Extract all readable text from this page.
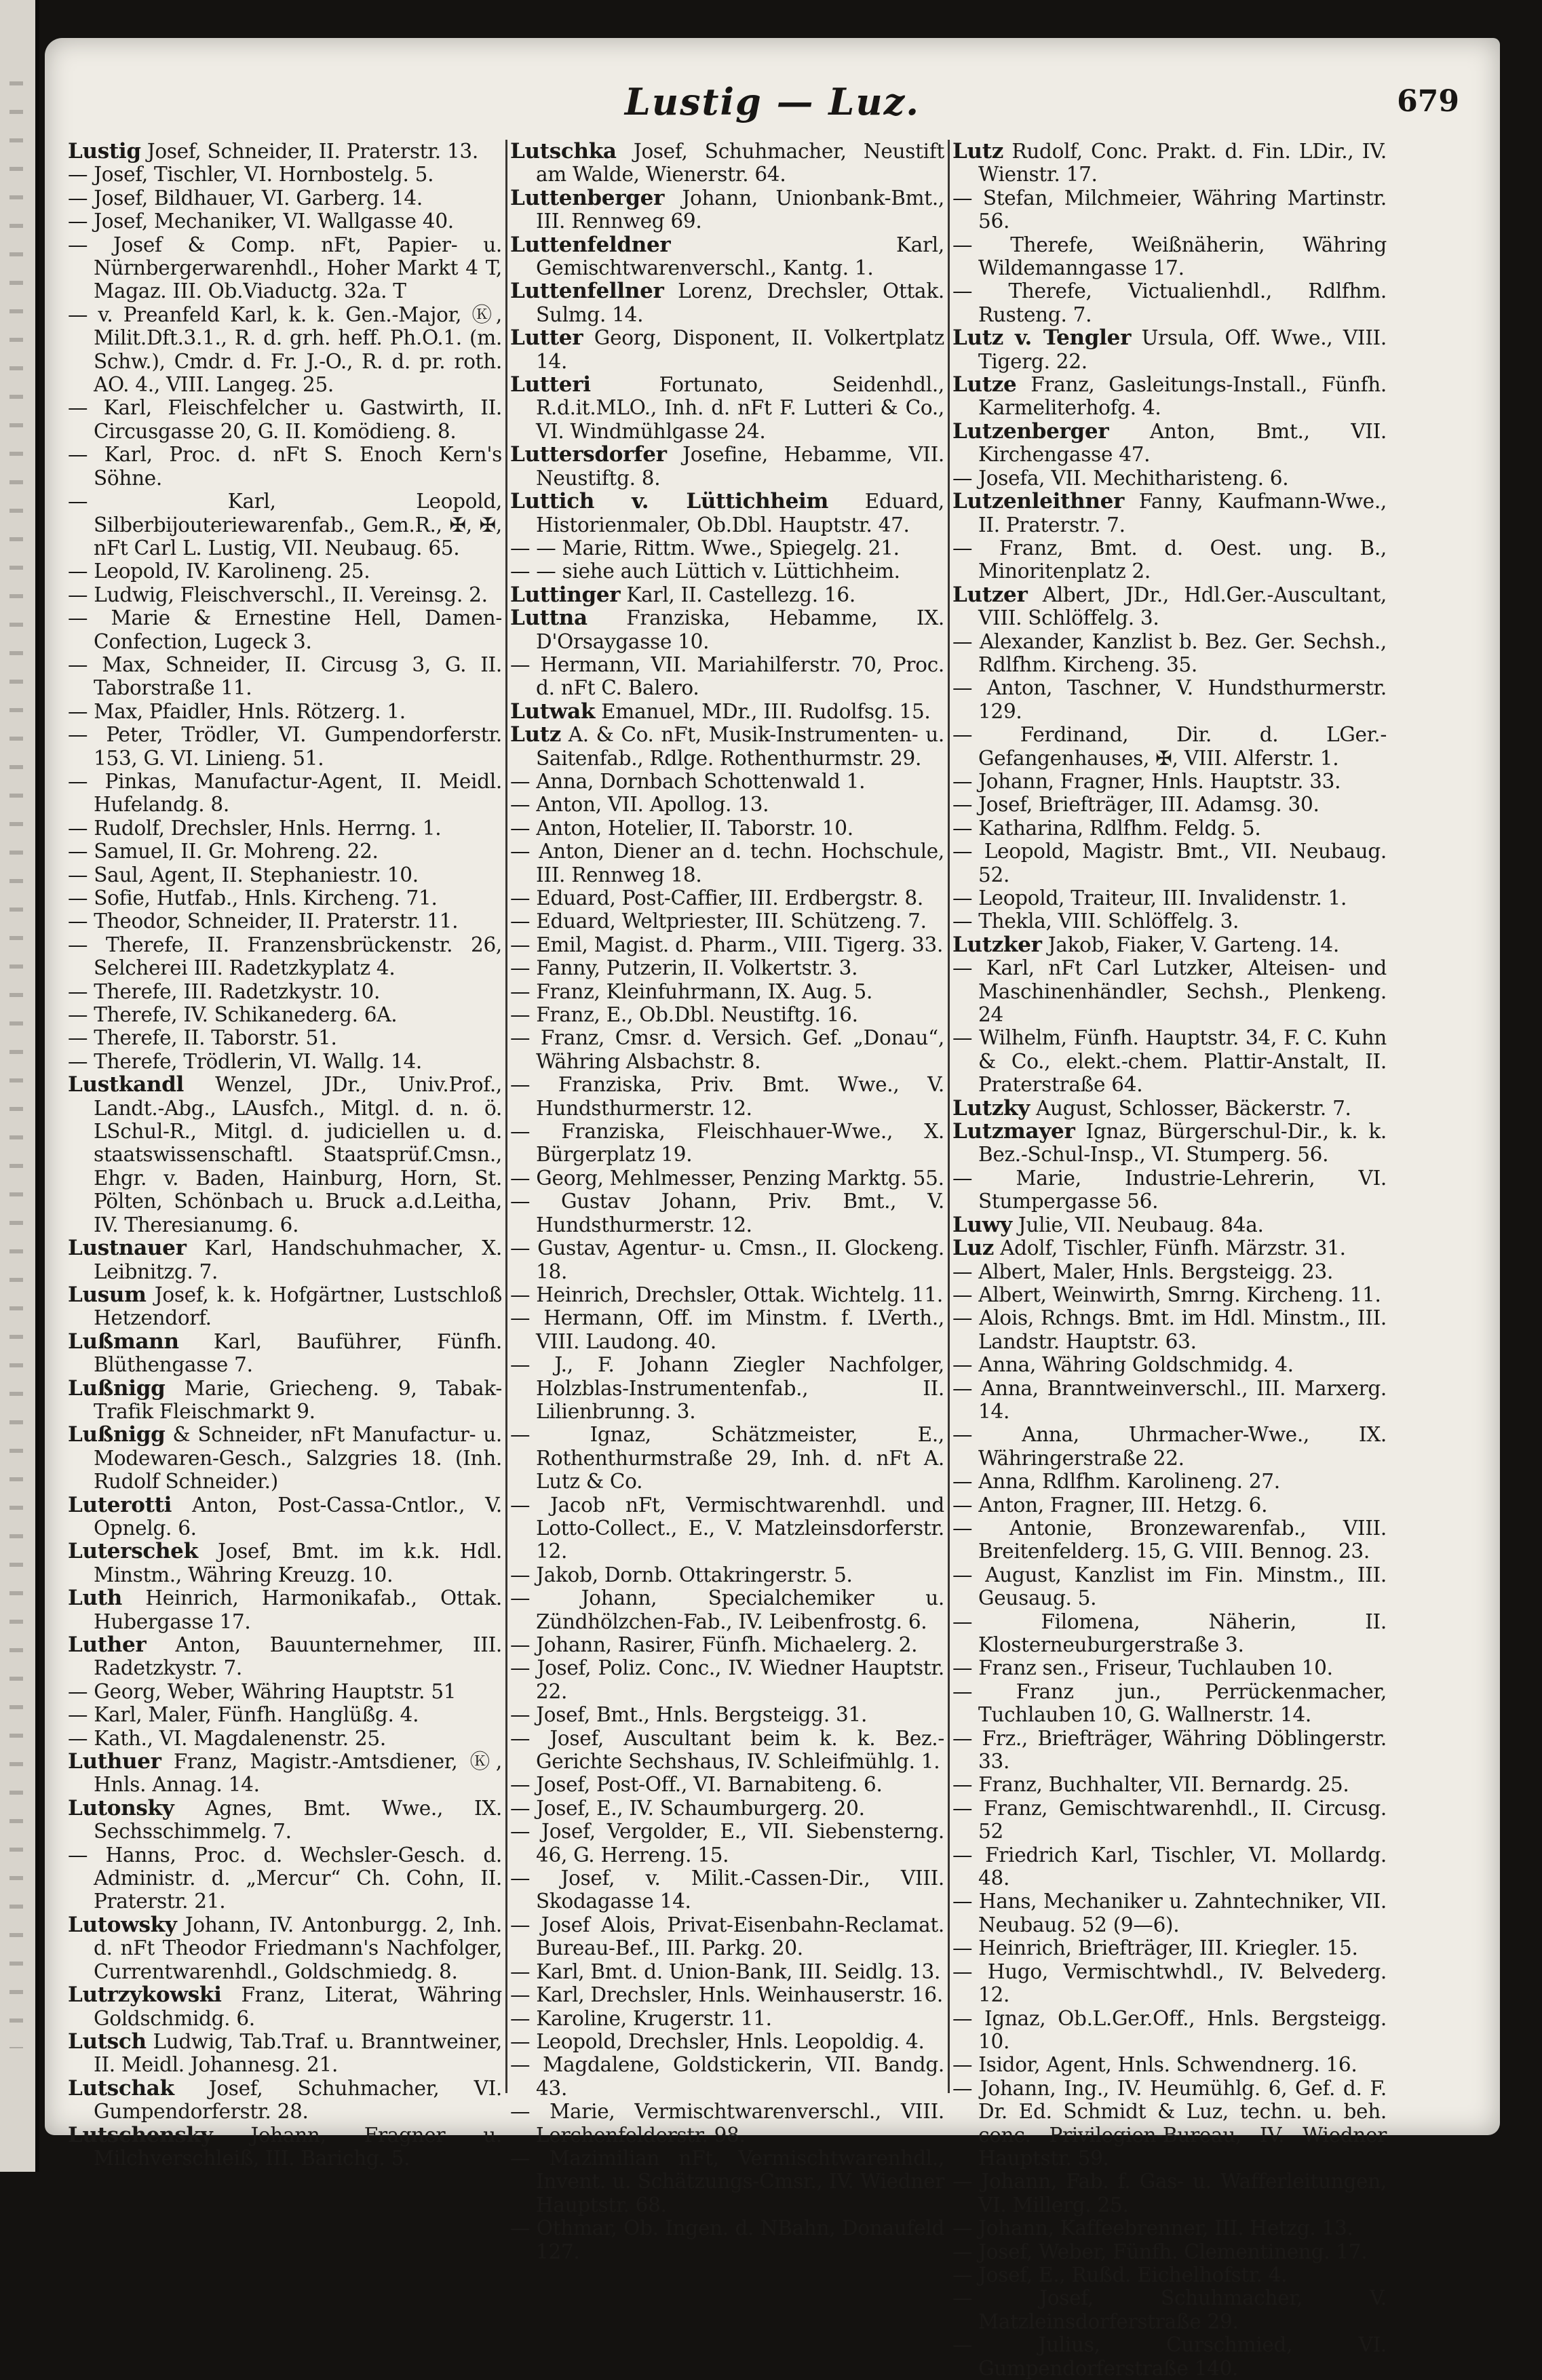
Lustig — Luz.	679

Lustig Josef, Schneider, II. Praterstr. 13.

— Josef, Tischler, VI. Hornbostelg. 5.

— Josef, Bildhauer, VI. Garberg. 14.

— Josef, Mechaniker, VI. Wallgasse 40.

— Josef & Comp. nFt, Papier- u. Nürnbergerwarenhdl., Hoher Markt 4 T, Magaz. III. Ob.Viaductg. 32a. T

— v. Preanfeld Karl, k. k. Gen.-Major, Ⓚ, Milit.Dft.3.1., R. d. grh. heff. Ph.O.1. (m. Schw.), Cmdr. d. Fr. J.-O., R. d. pr. roth. AO. 4., VIII. Langeg. 25.

— Karl, Fleischfelcher u. Gastwirth, II. Circusgasse 20, G. II. Komödieng. 8.

— Karl, Proc. d. nFt S. Enoch Kern's Söhne.

— Karl, Leopold, Silberbijouteriewarenfab., Gem.R., ✠, ✠, nFt Carl L. Lustig, VII. Neubaug. 65.

— Leopold, IV. Karolineng. 25.

— Ludwig, Fleischverschl., II. Vereinsg. 2.

— Marie & Ernestine Hell, Damen-Confection, Lugeck 3.

— Max, Schneider, II. Circusg 3, G. II. Taborstraße 11.

— Max, Pfaidler, Hnls. Rötzerg. 1.

— Peter, Trödler, VI. Gumpendorferstr. 153, G. VI. Linieng. 51.

— Pinkas, Manufactur-Agent, II. Meidl. Hufelandg. 8.

— Rudolf, Drechsler, Hnls. Herrng. 1.

— Samuel, II. Gr. Mohreng. 22.

— Saul, Agent, II. Stephaniestr. 10.

— Sofie, Hutfab., Hnls. Kircheng. 71.

— Theodor, Schneider, II. Praterstr. 11.

— Therefe, II. Franzensbrückenstr. 26, Selcherei III. Radetzkyplatz 4.

— Therefe, III. Radetzkystr. 10.

— Therefe, IV. Schikanederg. 6A.

— Therefe, II. Taborstr. 51.

— Therefe, Trödlerin, VI. Wallg. 14.

Lustkandl Wenzel, JDr., Univ.Prof., Landt.-Abg., LAusfch., Mitgl. d. n. ö. LSchul-R., Mitgl. d. judiciellen u. d. staatswissenschaftl. Staatsprüf.Cmsn., Ehgr. v. Baden, Hainburg, Horn, St. Pölten, Schönbach u. Bruck a.d.Leitha, IV. Theresianumg. 6.

Lustnauer Karl, Handschuhmacher, X. Leibnitzg. 7.

Lusum Josef, k. k. Hofgärtner, Lustschloß Hetzendorf.

Lußmann Karl, Bauführer, Fünfh. Blüthengasse 7.

Lußnigg Marie, Griecheng. 9, Tabak-Trafik Fleischmarkt 9.

Lußnigg & Schneider, nFt Manufactur- u. Modewaren-Gesch., Salzgries 18. (Inh. Rudolf Schneider.)

Luterotti Anton, Post-Cassa-Cntlor., V. Opnelg. 6.

Luterschek Josef, Bmt. im k.k. Hdl. Minstm., Währing Kreuzg. 10.

Luth Heinrich, Harmonikafab., Ottak. Hubergasse 17.

Luther Anton, Bauunternehmer, III. Radetzkystr. 7.

— Georg, Weber, Währing Hauptstr. 51

— Karl, Maler, Fünfh. Hanglüßg. 4.

— Kath., VI. Magdalenenstr. 25.

Luthuer Franz, Magistr.-Amtsdiener, Ⓚ, Hnls. Annag. 14.

Lutonsky Agnes, Bmt. Wwe., IX. Sechsschimmelg. 7.

— Hanns, Proc. d. Wechsler-Gesch. d. Administr. d. „Mercur“ Ch. Cohn, II. Praterstr. 21.

Lutowsky Johann, IV. Antonburgg. 2, Inh. d. nFt Theodor Friedmann's Nachfolger, Currentwarenhdl., Goldschmiedg. 8.

Lutrzykowski Franz, Literat, Währing Goldschmidg. 6.

Lutsch Ludwig, Tab.Traf. u. Branntweiner, II. Meidl. Johannesg. 21.

Lutschak Josef, Schuhmacher, VI. Gumpendorferstr. 28.

Lutschensky Johann, Fragner u. Milchverschleiß, III. Barichg. 5.

Lutschka Josef, Schuhmacher, Neustift am Walde, Wienerstr. 64.

Luttenberger Johann, Unionbank-Bmt., III. Rennweg 69.

Luttenfeldner Karl, Gemischtwarenverschl., Kantg. 1.

Luttenfellner Lorenz, Drechsler, Ottak. Sulmg. 14.

Lutter Georg, Disponent, II. Volkertplatz 14.

Lutteri Fortunato, Seidenhdl., R.d.it.MLO., Inh. d. nFt F. Lutteri & Co., VI. Windmühlgasse 24.

Luttersdorfer Josefine, Hebamme, VII. Neustiftg. 8.

Luttich v. Lüttichheim Eduard, Historienmaler, Ob.Dbl. Hauptstr. 47.

— — Marie, Rittm. Wwe., Spiegelg. 21.

— — siehe auch Lüttich v. Lüttichheim.

Luttinger Karl, II. Castellezg. 16.

Luttna Franziska, Hebamme, IX. D'Orsaygasse 10.

— Hermann, VII. Mariahilferstr. 70, Proc. d. nFt C. Balero.

Lutwak Emanuel, MDr., III. Rudolfsg. 15.

Lutz A. & Co. nFt, Musik-Instrumenten- u. Saitenfab., Rdlge. Rothenthurmstr. 29.

— Anna, Dornbach Schottenwald 1.

— Anton, VII. Apollog. 13.

— Anton, Hotelier, II. Taborstr. 10.

— Anton, Diener an d. techn. Hochschule, III. Rennweg 18.

— Eduard, Post-Caffier, III. Erdbergstr. 8.

— Eduard, Weltpriester, III. Schützeng. 7.

— Emil, Magist. d. Pharm., VIII. Tigerg. 33.

— Fanny, Putzerin, II. Volkertstr. 3.

— Franz, Kleinfuhrmann, IX. Aug. 5.

— Franz, E., Ob.Dbl. Neustiftg. 16.

— Franz, Cmsr. d. Versich. Gef. „Donau“, Währing Alsbachstr. 8.

— Franziska, Priv. Bmt. Wwe., V. Hundsthurmerstr. 12.

— Franziska, Fleischhauer-Wwe., X. Bürgerplatz 19.

— Georg, Mehlmesser, Penzing Marktg. 55.

— Gustav Johann, Priv. Bmt., V. Hundsthurmerstr. 12.

— Gustav, Agentur- u. Cmsn., II. Glockeng. 18.

— Heinrich, Drechsler, Ottak. Wichtelg. 11.

— Hermann, Off. im Minstm. f. LVerth., VIII. Laudong. 40.

— J., F. Johann Ziegler Nachfolger, Holzblas-Instrumentenfab., II. Lilienbrunng. 3.

— Ignaz, Schätzmeister, E., Rothenthurmstraße 29, Inh. d. nFt A. Lutz & Co.

— Jacob nFt, Vermischtwarenhdl. und Lotto-Collect., E., V. Matzleinsdorferstr. 12.

— Jakob, Dornb. Ottakringerstr. 5.

— Johann, Specialchemiker u. Zündhölzchen-Fab., IV. Leibenfrostg. 6.

— Johann, Rasirer, Fünfh. Michaelerg. 2.

— Josef, Poliz. Conc., IV. Wiedner Hauptstr. 22.

— Josef, Bmt., Hnls. Bergsteigg. 31.

— Josef, Auscultant beim k. k. Bez.-Gerichte Sechshaus, IV. Schleifmühlg. 1.

— Josef, Post-Off., VI. Barnabiteng. 6.

— Josef, E., IV. Schaumburgerg. 20.

— Josef, Vergolder, E., VII. Siebensterng. 46, G. Herreng. 15.

— Josef, v. Milit.-Cassen-Dir., VIII. Skodagasse 14.

— Josef Alois, Privat-Eisenbahn-Reclamat. Bureau-Bef., III. Parkg. 20.

— Karl, Bmt. d. Union-Bank, III. Seidlg. 13.

— Karl, Drechsler, Hnls. Weinhauserstr. 16.

— Karoline, Krugerstr. 11.

— Leopold, Drechsler, Hnls. Leopoldig. 4.

— Magdalene, Goldstickerin, VII. Bandg. 43.

— Marie, Vermischtwarenverschl., VIII. Lerchenfelderstr. 98.

— Mazimilian nFt, Vermischtwarenhdl., Invent. u. Schätzungs-Cmsr., IV. Wiedner Hauptstr. 68.

— Othmar, Ob. Ingen. d. NBahn, Donaufeld 127.

Lutz Rudolf, Conc. Prakt. d. Fin. LDir., IV. Wienstr. 17.

— Stefan, Milchmeier, Währing Martinstr. 56.

— Therefe, Weißnäherin, Währing Wildemanngasse 17.

— Therefe, Victualienhdl., Rdlfhm. Rusteng. 7.

Lutz v. Tengler Ursula, Off. Wwe., VIII. Tigerg. 22.

Lutze Franz, Gasleitungs-Install., Fünfh. Karmeliterhofg. 4.

Lutzenberger Anton, Bmt., VII. Kirchengasse 47.

— Josefa, VII. Mechitharisteng. 6.

Lutzenleithner Fanny, Kaufmann-Wwe., II. Praterstr. 7.

— Franz, Bmt. d. Oest. ung. B., Minoritenplatz 2.

Lutzer Albert, JDr., Hdl.Ger.-Auscultant, VIII. Schlöffelg. 3.

— Alexander, Kanzlist b. Bez. Ger. Sechsh., Rdlfhm. Kircheng. 35.

— Anton, Taschner, V. Hundsthurmerstr. 129.

— Ferdinand, Dir. d. LGer.-Gefangenhauses, ✠, VIII. Alferstr. 1.

— Johann, Fragner, Hnls. Hauptstr. 33.

— Josef, Briefträger, III. Adamsg. 30.

— Katharina, Rdlfhm. Feldg. 5.

— Leopold, Magistr. Bmt., VII. Neubaug. 52.

— Leopold, Traiteur, III. Invalidenstr. 1.

— Thekla, VIII. Schlöffelg. 3.

Lutzker Jakob, Fiaker, V. Garteng. 14.

— Karl, nFt Carl Lutzker, Alteisen- und Maschinenhändler, Sechsh., Plenkeng. 24

— Wilhelm, Fünfh. Hauptstr. 34, F. C. Kuhn & Co., elekt.-chem. Plattir-Anstalt, II. Praterstraße 64.

Lutzky August, Schlosser, Bäckerstr. 7.

Lutzmayer Ignaz, Bürgerschul-Dir., k. k. Bez.-Schul-Insp., VI. Stumperg. 56.

— Marie, Industrie-Lehrerin, VI. Stumpergasse 56.

Luwy Julie, VII. Neubaug. 84a.

Luz Adolf, Tischler, Fünfh. Märzstr. 31.

— Albert, Maler, Hnls. Bergsteigg. 23.

— Albert, Weinwirth, Smrng. Kircheng. 11.

— Alois, Rchngs. Bmt. im Hdl. Minstm., III. Landstr. Hauptstr. 63.

— Anna, Währing Goldschmidg. 4.

— Anna, Branntweinverschl., III. Marxerg. 14.

— Anna, Uhrmacher-Wwe., IX. Währingerstraße 22.

— Anna, Rdlfhm. Karolineng. 27.

— Anton, Fragner, III. Hetzg. 6.

— Antonie, Bronzewarenfab., VIII. Breitenfelderg. 15, G. VIII. Bennog. 23.

— August, Kanzlist im Fin. Minstm., III. Geusaug. 5.

— Filomena, Näherin, II. Klosterneuburgerstraße 3.

— Franz sen., Friseur, Tuchlauben 10.

— Franz jun., Perrückenmacher, Tuchlauben 10, G. Wallnerstr. 14.

— Frz., Briefträger, Währing Döblingerstr. 33.

— Franz, Buchhalter, VII. Bernardg. 25.

— Franz, Gemischtwarenhdl., II. Circusg. 52

— Friedrich Karl, Tischler, VI. Mollardg. 48.

— Hans, Mechaniker u. Zahntechniker, VII. Neubaug. 52 (9—6).

— Heinrich, Briefträger, III. Kriegler. 15.

— Hugo, Vermischtwhdl., IV. Belvederg. 12.

— Ignaz, Ob.L.Ger.Off., Hnls. Bergsteigg. 10.

— Isidor, Agent, Hnls. Schwendnerg. 16.

— Johann, Ing., IV. Heumühlg. 6, Gef. d. F. Dr. Ed. Schmidt & Luz, techn. u. beh. conc. Privilegien-Bureau, IV. Wiedner Hauptstr. 59.

— Johann, Fab. f. Gas- u. Wafferleitungen, VI. Millerg. 25.

— Johann, Kaffeebrenner, III. Hetzg. 13.

— Josef, Weber, Fünfh. Clementineng. 17.

— Josef, E., Rußd. Eichelhofstr. 4.

— Josef, Schuhmacher, V. Matzleinsdorferstraße 29.

— Julius, Curschmied, VI. Gumpendorferstraße 140.
